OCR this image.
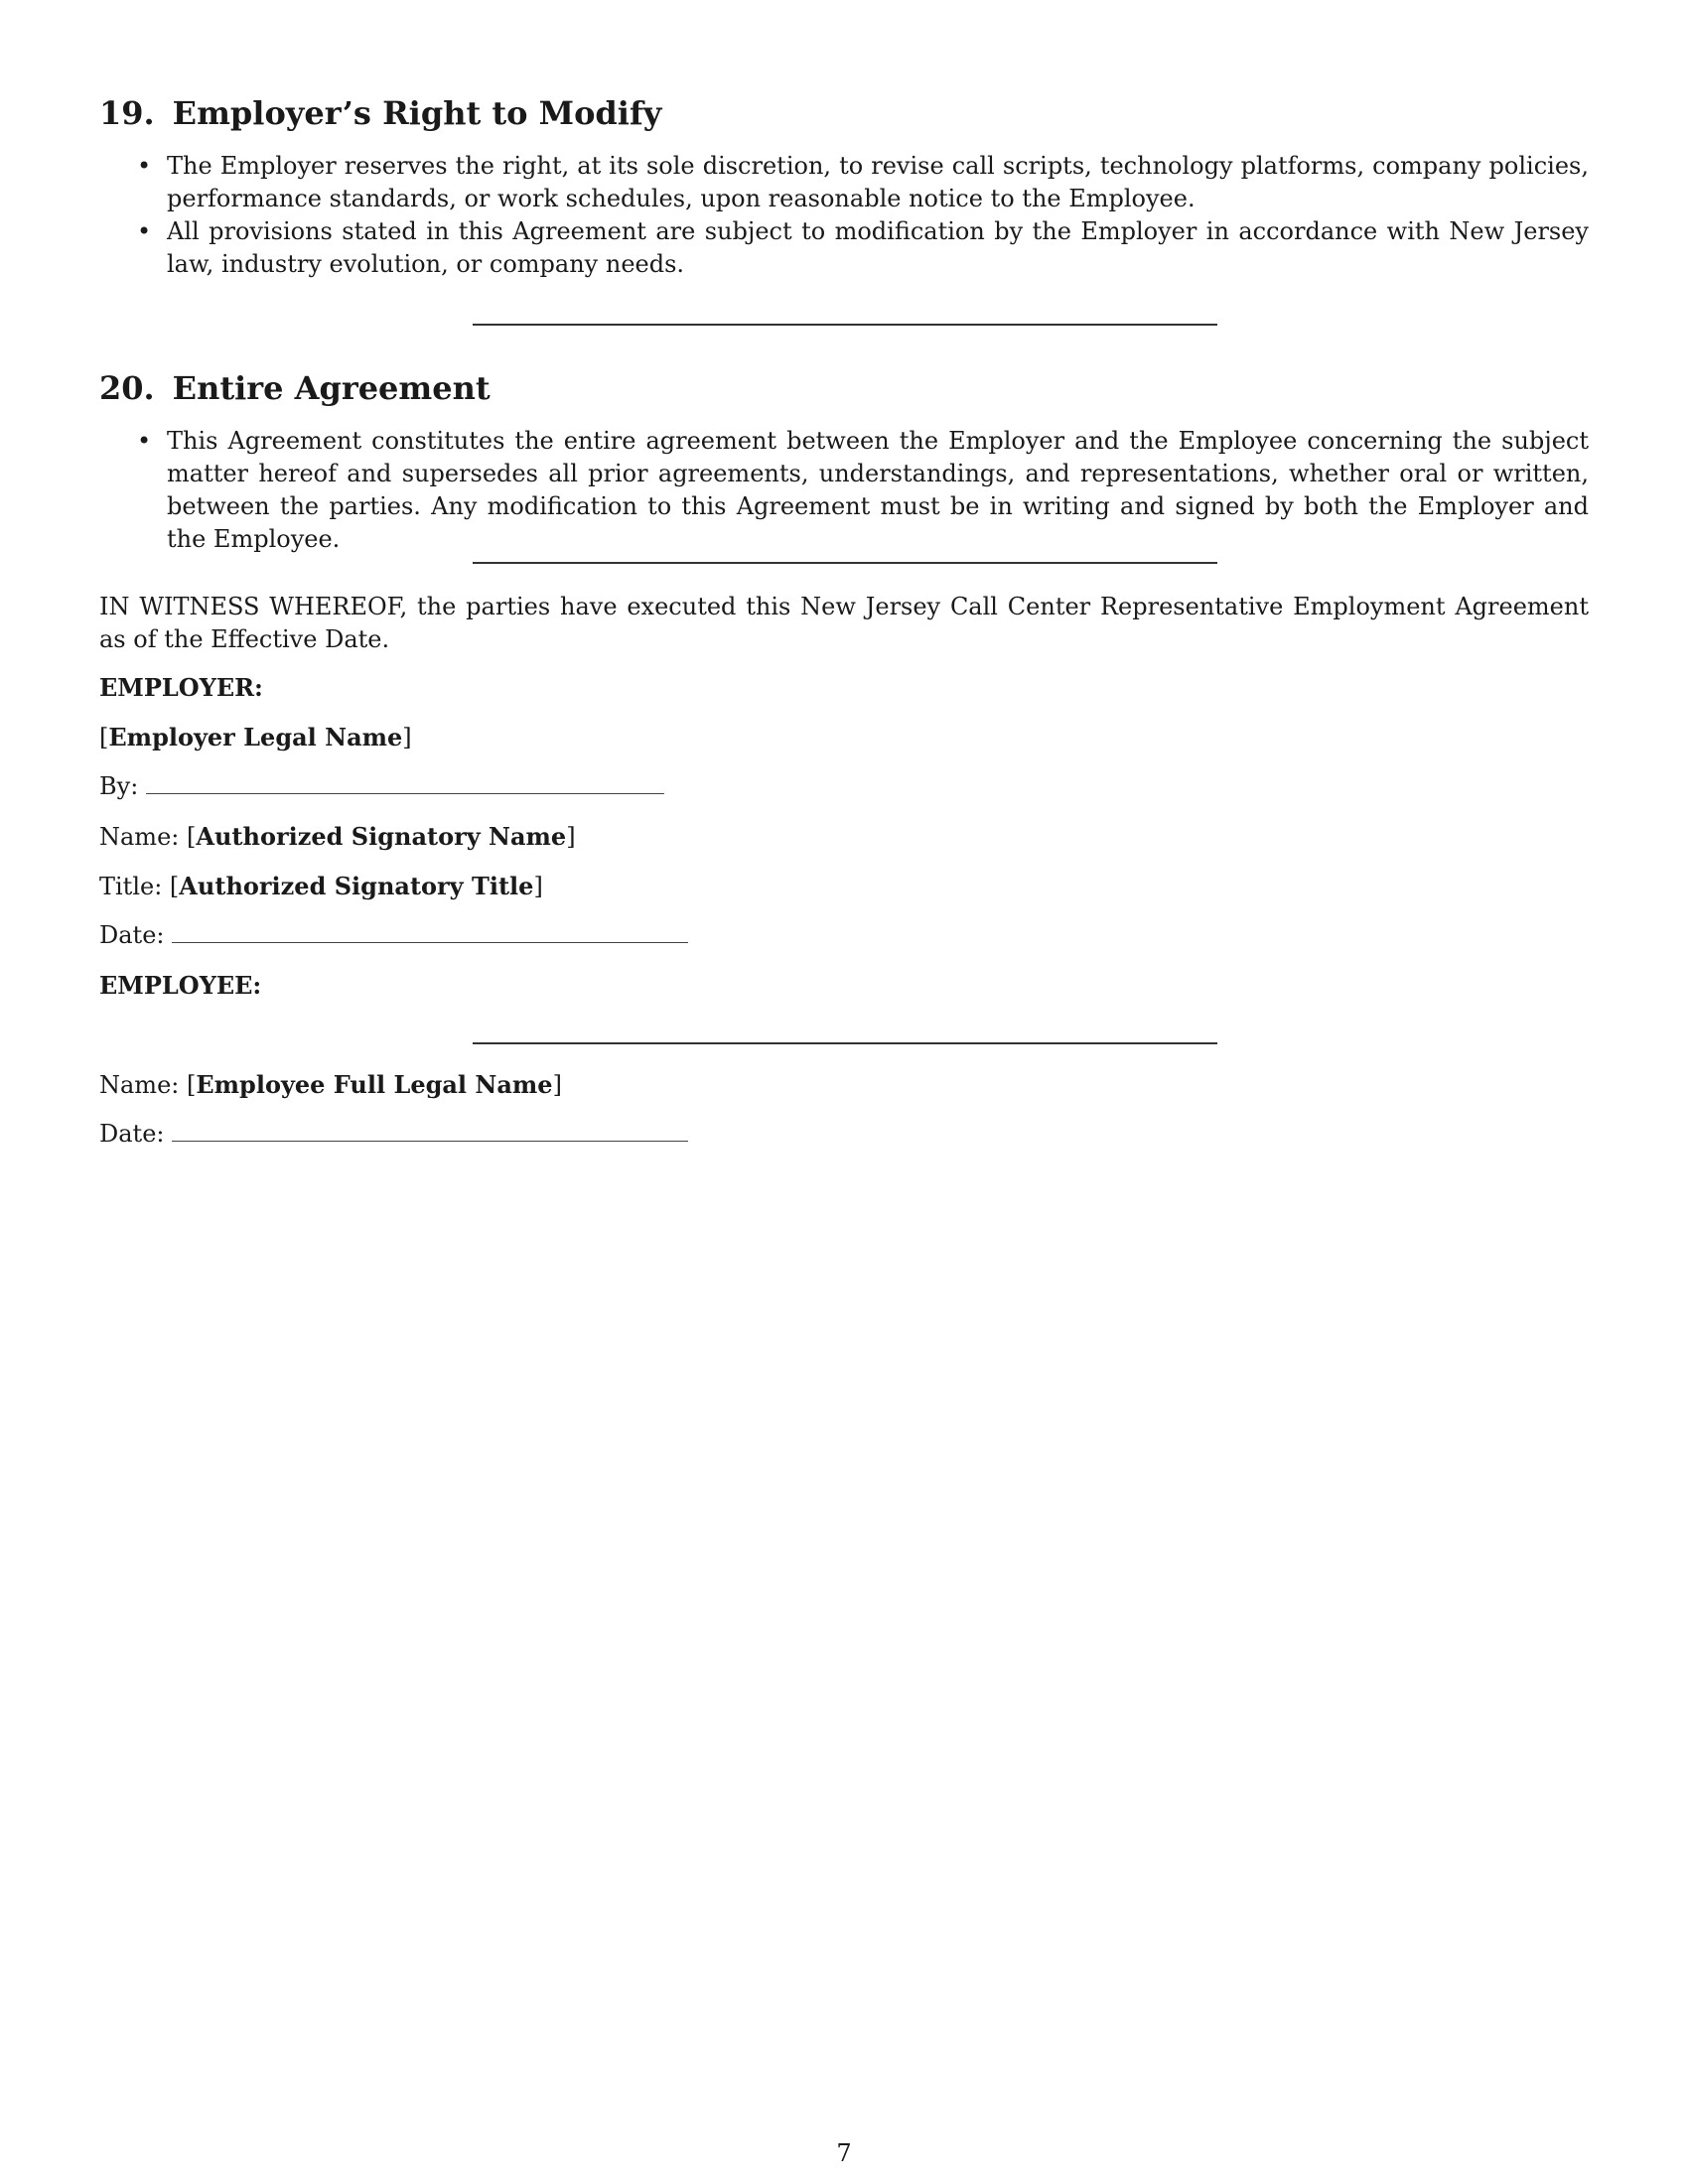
19. Employer’s Right to Modify
• The Employer reserves the right, at its sole discretion, to revise call scripts, technology platforms, company policies, performance standards, or work schedules, upon reasonable notice to the Employee.
• All provisions stated in this Agreement are subject to modification by the Employer in accordance with New Jersey law, industry evolution, or company needs.
20. Entire Agreement
• This Agreement constitutes the entire agreement between the Employer and the Employee concerning the subject matter hereof and supersedes all prior agreements, understandings, and representations, whether oral or written, between the parties. Any modification to this Agreement must be in writing and signed by both the Employer and the Employee.

IN WITNESS WHEREOF, the parties have executed this New Jersey Call Center Representative Employment Agreement as of the Effective Date.

EMPLOYER:

[Employer Legal Name]

By:

Name: [Authorized Signatory Name]

Title: [Authorized Signatory Title]

Date:

EMPLOYEE:

Name: [Employee Full Legal Name]

Date:

7
